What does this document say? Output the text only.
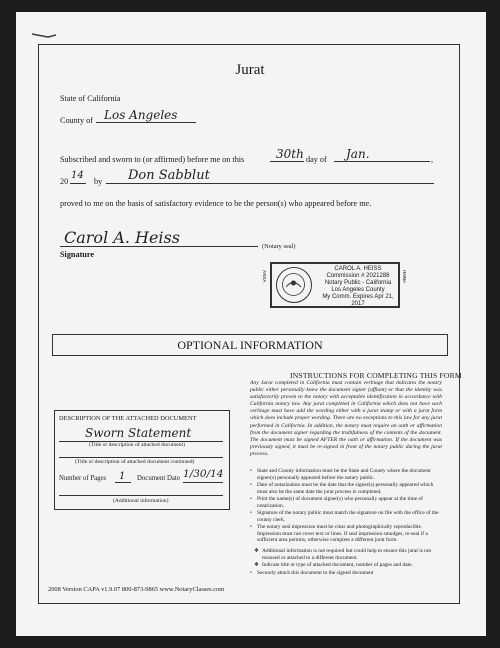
Jurat
State of California
County of Los Angeles
Subscribed and sworn to (or affirmed) before me on this	30th day of Jan.	,
20
14
by Don Sabblut
proved to me on the basis of satisfactory evidence to be the person(s) who appeared before me.
Carol A. Heiss
Signature
(Notary seal)
CAROL A. HEISS
Commission # 2021288
Notary Public - California
Los Angeles County
My Comm. Expires Apr 21, 2017
ANSA	HNNA
OPTIONAL INFORMATION
DESCRIPTION OF THE ATTACHED DOCUMENT
Sworn Statement
(Title or description of attached document)
(Title or description of attached document continued)
Number of Pages 1 Document Date 1/30/14
(Additional information)
INSTRUCTIONS FOR COMPLETING THIS FORM
Any Jurat completed in California must contain verbiage that indicates the notary public either personally knew the document signer (affiant) or that the identity was satisfactorily proven to the notary with acceptable identification in accordance with California notary law. Any jurat completed in California which does not have such verbiage must have add the wording either with a jurat stamp or with a jurat form which does include proper wording. There are no exceptions to this law for any jurat performed in California. In addition, the notary must require an oath or affirmation from the document signer regarding the truthfulness of the contents of the document. The document must be signed AFTER the oath or affirmation. If the document was previously signed, it must be re-signed in front of the notary public during the jurat process.
• State and County information must be the State and County where the document signer(s) personally appeared before the notary public.
• Date of notarization must be the date that the signer(s) personally appeared which must also be the same date the jurat process is completed.
• Print the name(s) of document signer(s) who personally appear at the time of notarization.
• Signature of the notary public must match the signature on file with the office of the county clerk.
• The notary seal impression must be clear and photographically reproducible. Impression must not cover text or lines. If seal impression smudges, re-seal if a sufficient area permits, otherwise complete a different jurat form.
❖ Additional information is not required but could help to ensure this jurat is not misused or attached to a different document.
❖ Indicate title or type of attached document, number of pages and date.
• Securely attach this document to the signed document
2008 Version CAPA v1.9.07 800-873-9865 www.NotaryClasses.com
